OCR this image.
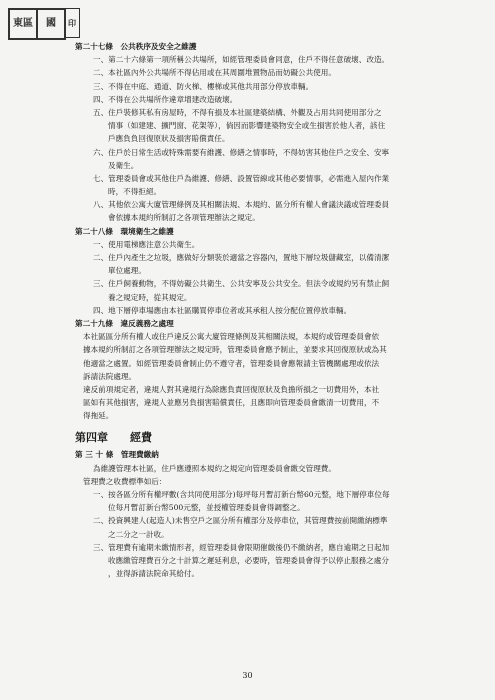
東區 國 印
第二十七條　公共秩序及安全之維護
一、第二十六條第一項所稱公共場所，如經管理委員會同意，住戶不得任意破壞、改造。
二、本社區內外公共場所不得佔用或在其周圍堆置物品而妨礙公共使用。
三、不得在中庭、通道、防火梯、樓梯或其他共用部分停放車輛。
四、不得在公共場所作違章增建改造破壞。
五、住戶裝修其私有房屋時，不得有損及本社區建築結構、外觀及占用共同使用部分之
情事（如建建、擴門窗、花架等），倘因而影響建築物安全或生損害於他人者，該住
戶應負負回復原狀及損害賠償責任。
六、住戶於日常生活或特殊需要有維護、修繕之情事時，不得妨害其他住戶之安全、安寧
及衛生。
七、管理委員會或其他住戶為維護、修繕、設置管線或其他必要情事，必需進入屋內作業
時，不得拒絕。
八、其他依公寓大廈管理條例及其相關法規、本規約、區分所有權人會議決議或管理委員
會依據本規約所制訂之各項管理辦法之規定。
第二十八條　環境衛生之維護
一、使用電梯應注意公共衛生。
二、住戶內產生之垃圾，應做好分類裝於適當之容器內，置地下層垃圾儲藏室，以備清潔
單位處理。
三、住戶飼養動物，不得妨礙公共衛生、公共安寧及公共安全。但法令或規約另有禁止飼
養之規定時，從其規定。
四、地下層停車場應由本社區購買停車位者或其承租人按分配位置停放車輛。
第二十九條　違反義務之處理
本社區區分所有權人或住戶違反公寓大廈管理條例及其相關法規，本規約或管理委員會依
據本規約所制訂之各項管理辦法之規定時，管理委員會應予制止，並要求其回復原狀或為其
他適當之處置。如經管理委員會制止仍不遵守者，管理委員會應報請主管機關處理或依法
訴請法院處理。
違反前項規定者，違規人對其違規行為除應負責回復原狀及負擔所損之一切費用外，本社
區如有其他損害，違規人並應另負損害賠償責任，且應即向管理委員會繳清一切費用，不
得拖延。
第四章　　經費
第 三 十 條　管理費繳納
為維護管理本社區，住戶應遵照本規約之規定向管理委員會繳交管理費。
管理費之收費標準如后：
一、按各區分所有權坪數(含共同使用部分)每坪每月暫訂新台幣60元整，地下層停車位每
位每月暫訂新台幣500元整，並授權管理委員會得調整之。
二、投資興建人(起造人)未售空戶之區分所有權部分及停車位，其管理費按前開繳納標準
之二分之一計收。
三、管理費有逾期未繳情形者，經管理委員會限期催繳後仍不繳納者，應自逾期之日起加
收應繳管理費百分之十計算之遲延利息，必要時，管理委員會得予以停止服務之處分
，並得訴請法院命其給付。
30
